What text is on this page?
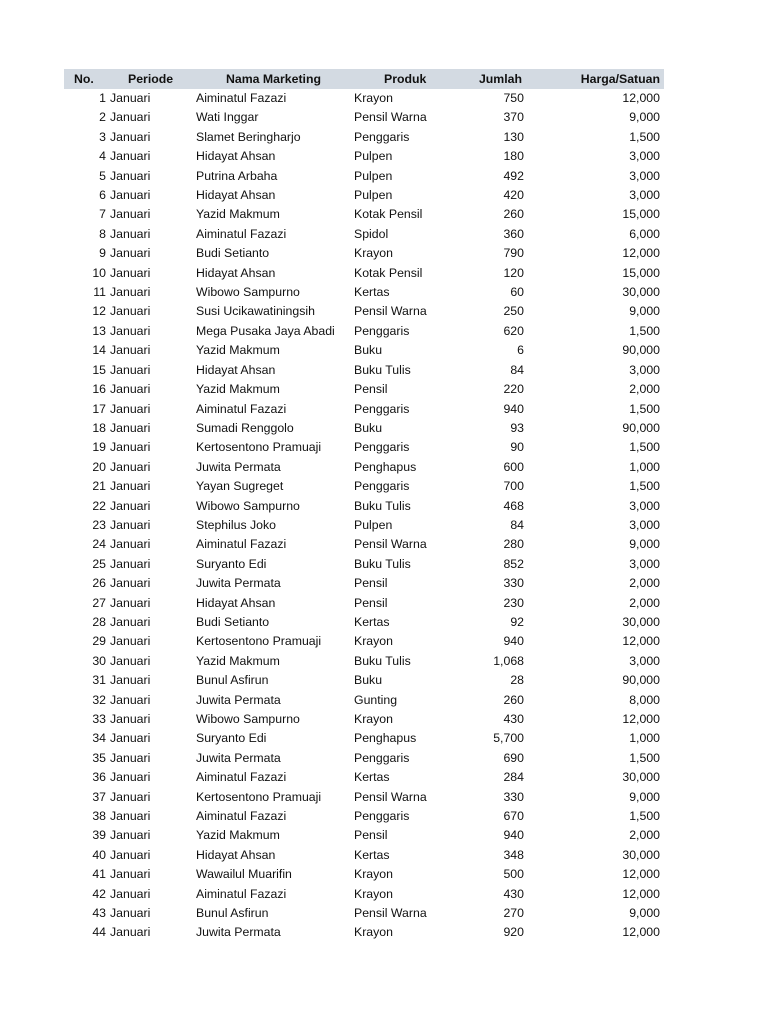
No.	Periode	Nama Marketing	Produk	Jumlah	Harga/Satuan
1	Januari	Aiminatul Fazazi	Krayon	750	12,000
2	Januari	Wati Inggar	Pensil Warna	370	9,000
3	Januari	Slamet Beringharjo	Penggaris	130	1,500
4	Januari	Hidayat Ahsan	Pulpen	180	3,000
5	Januari	Putrina Arbaha	Pulpen	492	3,000
6	Januari	Hidayat Ahsan	Pulpen	420	3,000
7	Januari	Yazid Makmum	Kotak Pensil	260	15,000
8	Januari	Aiminatul Fazazi	Spidol	360	6,000
9	Januari	Budi Setianto	Krayon	790	12,000
10	Januari	Hidayat Ahsan	Kotak Pensil	120	15,000
11	Januari	Wibowo Sampurno	Kertas	60	30,000
12	Januari	Susi Ucikawatiningsih	Pensil Warna	250	9,000
13	Januari	Mega Pusaka Jaya Abadi	Penggaris	620	1,500
14	Januari	Yazid Makmum	Buku	6	90,000
15	Januari	Hidayat Ahsan	Buku Tulis	84	3,000
16	Januari	Yazid Makmum	Pensil	220	2,000
17	Januari	Aiminatul Fazazi	Penggaris	940	1,500
18	Januari	Sumadi Renggolo	Buku	93	90,000
19	Januari	Kertosentono Pramuaji	Penggaris	90	1,500
20	Januari	Juwita Permata	Penghapus	600	1,000
21	Januari	Yayan Sugreget	Penggaris	700	1,500
22	Januari	Wibowo Sampurno	Buku Tulis	468	3,000
23	Januari	Stephilus Joko	Pulpen	84	3,000
24	Januari	Aiminatul Fazazi	Pensil Warna	280	9,000
25	Januari	Suryanto Edi	Buku Tulis	852	3,000
26	Januari	Juwita Permata	Pensil	330	2,000
27	Januari	Hidayat Ahsan	Pensil	230	2,000
28	Januari	Budi Setianto	Kertas	92	30,000
29	Januari	Kertosentono Pramuaji	Krayon	940	12,000
30	Januari	Yazid Makmum	Buku Tulis	1,068	3,000
31	Januari	Bunul Asfirun	Buku	28	90,000
32	Januari	Juwita Permata	Gunting	260	8,000
33	Januari	Wibowo Sampurno	Krayon	430	12,000
34	Januari	Suryanto Edi	Penghapus	5,700	1,000
35	Januari	Juwita Permata	Penggaris	690	1,500
36	Januari	Aiminatul Fazazi	Kertas	284	30,000
37	Januari	Kertosentono Pramuaji	Pensil Warna	330	9,000
38	Januari	Aiminatul Fazazi	Penggaris	670	1,500
39	Januari	Yazid Makmum	Pensil	940	2,000
40	Januari	Hidayat Ahsan	Kertas	348	30,000
41	Januari	Wawailul Muarifin	Krayon	500	12,000
42	Januari	Aiminatul Fazazi	Krayon	430	12,000
43	Januari	Bunul Asfirun	Pensil Warna	270	9,000
44	Januari	Juwita Permata	Krayon	920	12,000
